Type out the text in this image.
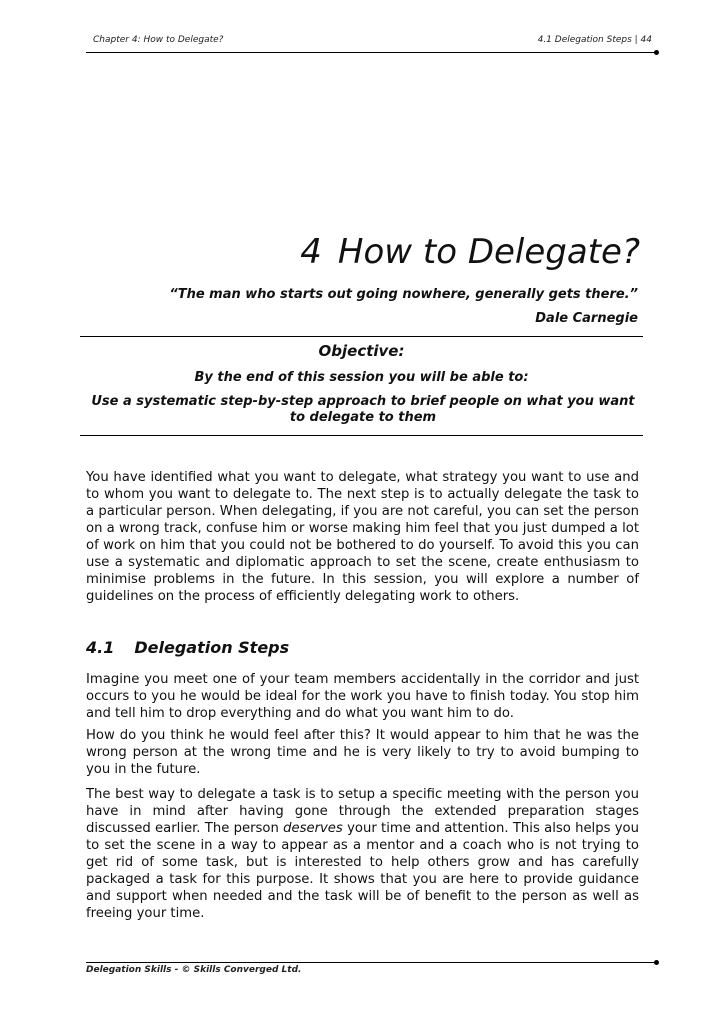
Chapter 4: How to Delegate?	4.1 Delegation Steps | 44
4 How to Delegate?
“The man who starts out going nowhere, generally gets there.”
Dale Carnegie
Objective:
By the end of this session you will be able to:
Use a systematic step-by-step approach to brief people on what you want to delegate to them
You have identified what you want to delegate, what strategy you want to use and to whom you want to delegate to. The next step is to actually delegate the task to a particular person. When delegating, if you are not careful, you can set the person on a wrong track, confuse him or worse making him feel that you just dumped a lot of work on him that you could not be bothered to do yourself. To avoid this you can use a systematic and diplomatic approach to set the scene, create enthusiasm to minimise problems in the future. In this session, you will explore a number of guidelines on the process of efficiently delegating work to others.
4.1 Delegation Steps
Imagine you meet one of your team members accidentally in the corridor and just occurs to you he would be ideal for the work you have to finish today. You stop him and tell him to drop everything and do what you want him to do.
How do you think he would feel after this? It would appear to him that he was the wrong person at the wrong time and he is very likely to try to avoid bumping to you in the future.
The best way to delegate a task is to setup a specific meeting with the person you have in mind after having gone through the extended preparation stages discussed earlier. The person deserves your time and attention. This also helps you to set the scene in a way to appear as a mentor and a coach who is not trying to get rid of some task, but is interested to help others grow and has carefully packaged a task for this purpose. It shows that you are here to provide guidance and support when needed and the task will be of benefit to the person as well as freeing your time.
Delegation Skills - © Skills Converged Ltd.
